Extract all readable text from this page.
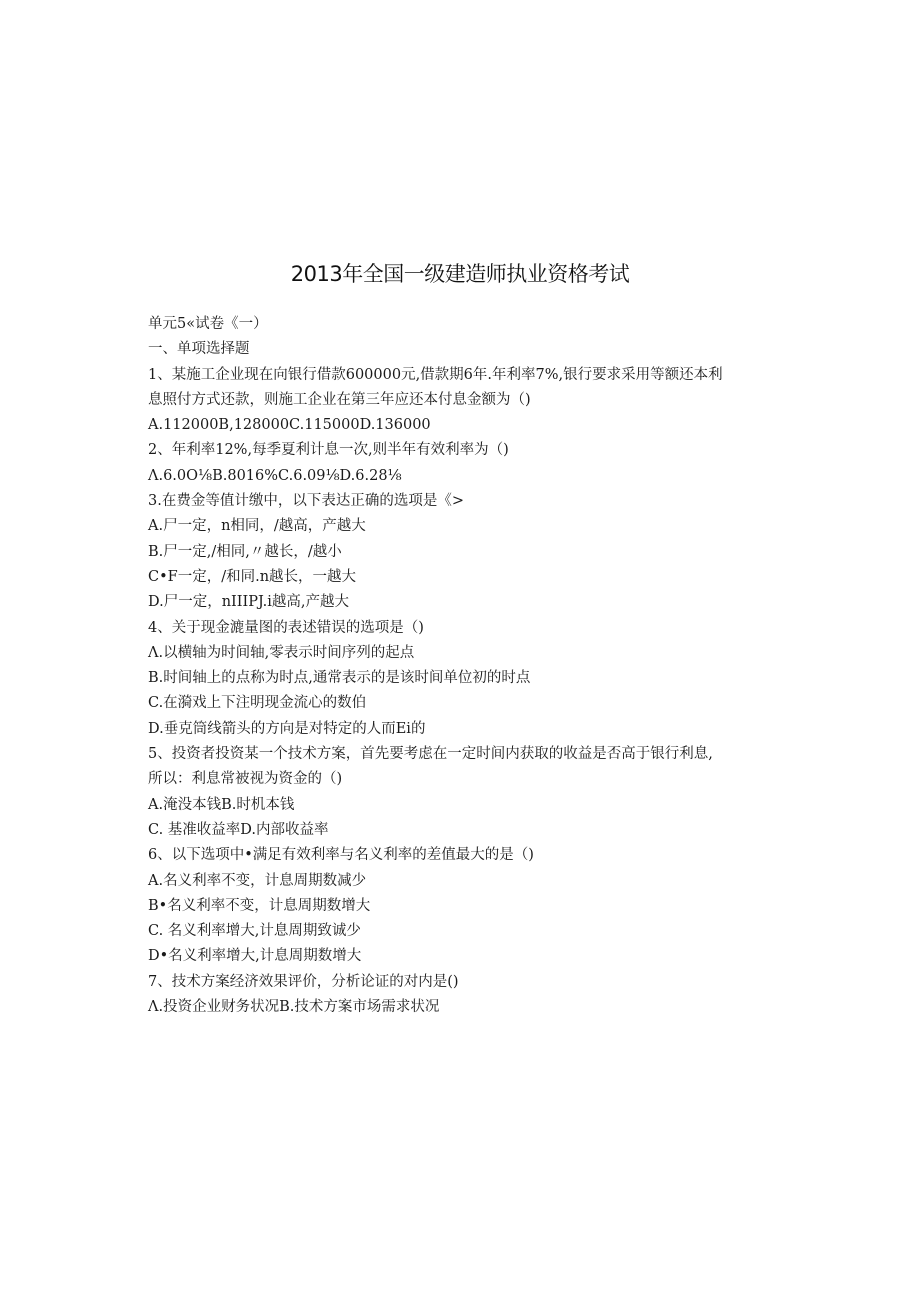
2013年全国一级建造师执业资格考试
单元5«试卷《一）
一、单项选择题
1、某施工企业现在向银行借款600000元,借款期6年.年利率7%,银行要求采用等额还本利
息照付方式还款，则施工企业在第三年应还本付息金额为（)
A.112000B,128000C.115000D.136000
2、年利率12%,每季夏利计息一次,则半年有效利率为（)
Λ.6.0O⅛B.8016%C.6.09⅛D.6.28⅛
3.在费金等值计缴中，以下表达正确的选项是《>
A.尸一定，n相同，/越高，产越大
B.尸一定,/相同,〃越长，/越小
C•F一定，/和同.n越长，一越大
D.尸一定，nIIIPJ.i越高,产越大
4、关于现金漉量图的表述错误的选项是（)
Λ.以横轴为时间轴,零表示时间序列的起点
B.时间轴上的点称为时点,通常表示的是该时间单位初的时点
C.在漪戏上下注明现金流心的数伯
D.垂克筒线箭头的方向是对特定的人而Ei的
5、投资者投资某一个技术方案，首先要考虑在一定时间内获取的收益是否高于银行利息,
所以：利息常被视为资金的（)
A.淹没本钱B.时机本钱
C. 基准收益率D.内部收益率
6、以下选项中•满足有效利率与名义利率的差值最大的是（)
A.名义利率不变，计息周期数减少
B•名义利率不变，计息周期数增大
C. 名义利率增大,计息周期致诚少
D•名义利率增大,计息周期数增大
7、技术方案经济效果评价，分析论证的对内是()
Λ.投资企业财务状况B.技术方案市场需求状况
